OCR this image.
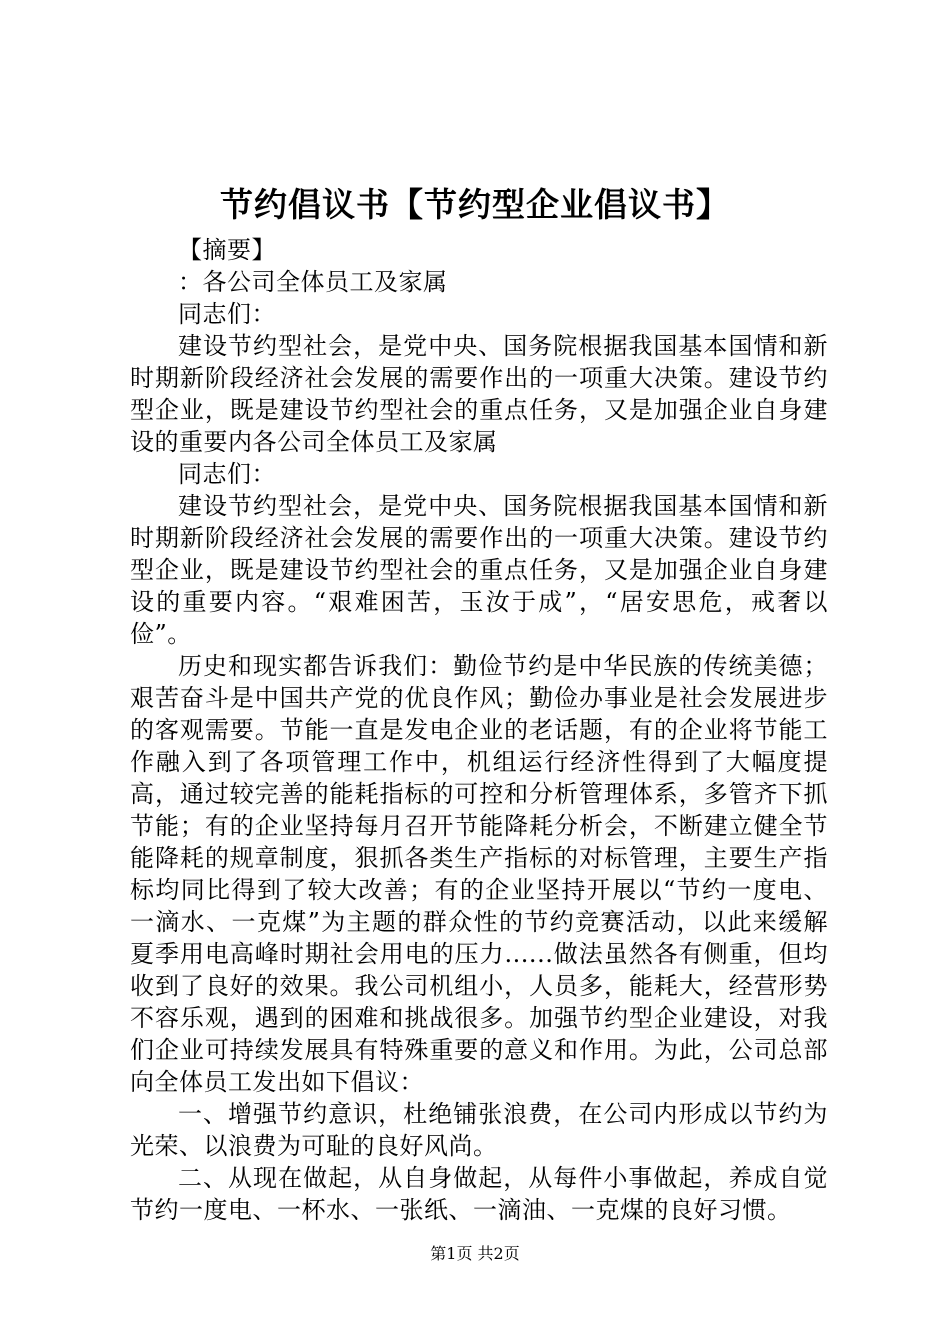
节约倡议书【节约型企业倡议书】

【摘要】

：各公司全体员工及家属

同志们：

建设节约型社会，是党中央、国务院根据我国基本国情和新时期新阶段经济社会发展的需要作出的一项重大决策。建设节约型企业，既是建设节约型社会的重点任务，又是加强企业自身建设的重要内各公司全体员工及家属

同志们：

建设节约型社会，是党中央、国务院根据我国基本国情和新时期新阶段经济社会发展的需要作出的一项重大决策。建设节约型企业，既是建设节约型社会的重点任务，又是加强企业自身建设的重要内容。“艰难困苦，玉汝于成”，“居安思危，戒奢以俭”。

历史和现实都告诉我们：勤俭节约是中华民族的传统美德；艰苦奋斗是中国共产党的优良作风；勤俭办事业是社会发展进步的客观需要。节能一直是发电企业的老话题，有的企业将节能工作融入到了各项管理工作中，机组运行经济性得到了大幅度提高，通过较完善的能耗指标的可控和分析管理体系，多管齐下抓节能；有的企业坚持每月召开节能降耗分析会，不断建立健全节能降耗的规章制度，狠抓各类生产指标的对标管理，主要生产指标均同比得到了较大改善；有的企业坚持开展以“节约一度电、一滴水、一克煤”为主题的群众性的节约竞赛活动，以此来缓解夏季用电高峰时期社会用电的压力......做法虽然各有侧重，但均收到了良好的效果。我公司机组小，人员多，能耗大，经营形势不容乐观，遇到的困难和挑战很多。加强节约型企业建设，对我们企业可持续发展具有特殊重要的意义和作用。为此，公司总部向全体员工发出如下倡议：

一、增强节约意识，杜绝铺张浪费，在公司内形成以节约为光荣、以浪费为可耻的良好风尚。

二、从现在做起，从自身做起，从每件小事做起，养成自觉节约一度电、一杯水、一张纸、一滴油、一克煤的良好习惯。

第1页 共2页
